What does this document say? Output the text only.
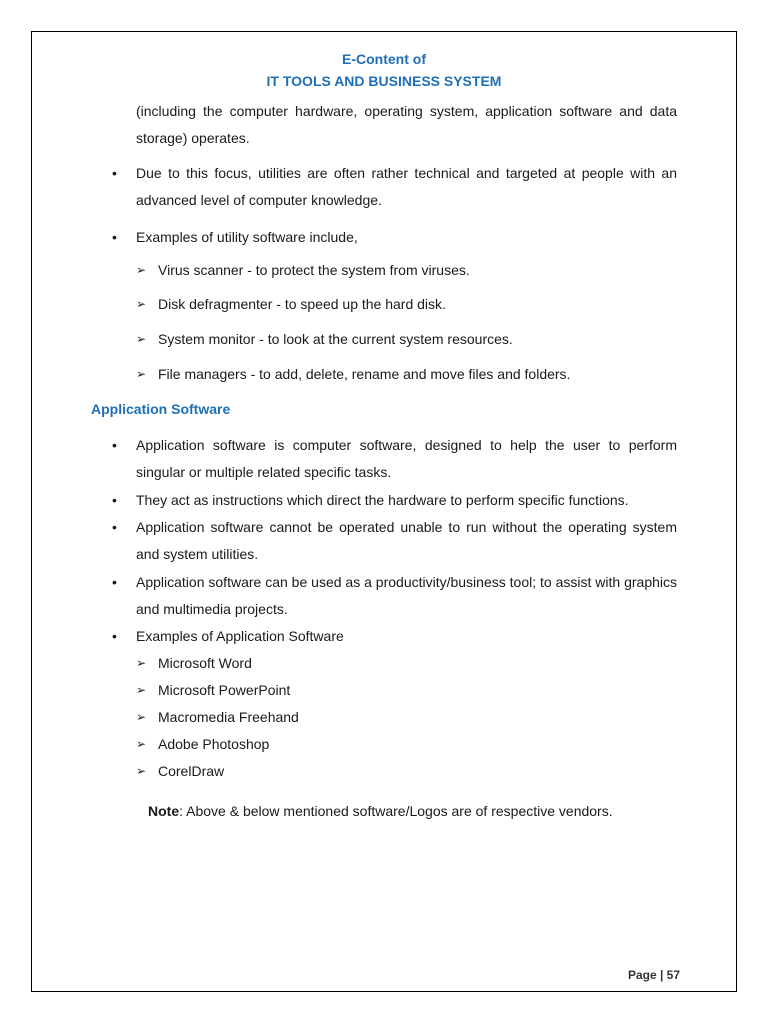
E-Content of
IT TOOLS AND BUSINESS SYSTEM
(including the computer hardware, operating system, application software and data storage) operates.
• Due to this focus, utilities are often rather technical and targeted at people with an advanced level of computer knowledge.
• Examples of utility software include,
➢ Virus scanner - to protect the system from viruses.
➢ Disk defragmenter - to speed up the hard disk.
➢ System monitor - to look at the current system resources.
➢ File managers - to add, delete, rename and move files and folders.
Application Software
• Application software is computer software, designed to help the user to perform singular or multiple related specific tasks.
• They act as instructions which direct the hardware to perform specific functions.
• Application software cannot be operated unable to run without the operating system and system utilities.
• Application software can be used as a productivity/business tool; to assist with graphics and multimedia projects.
• Examples of Application Software
➢ Microsoft Word
➢ Microsoft PowerPoint
➢ Macromedia Freehand
➢ Adobe Photoshop
➢ CorelDraw
Note: Above & below mentioned software/Logos are of respective vendors.
Page | 57
